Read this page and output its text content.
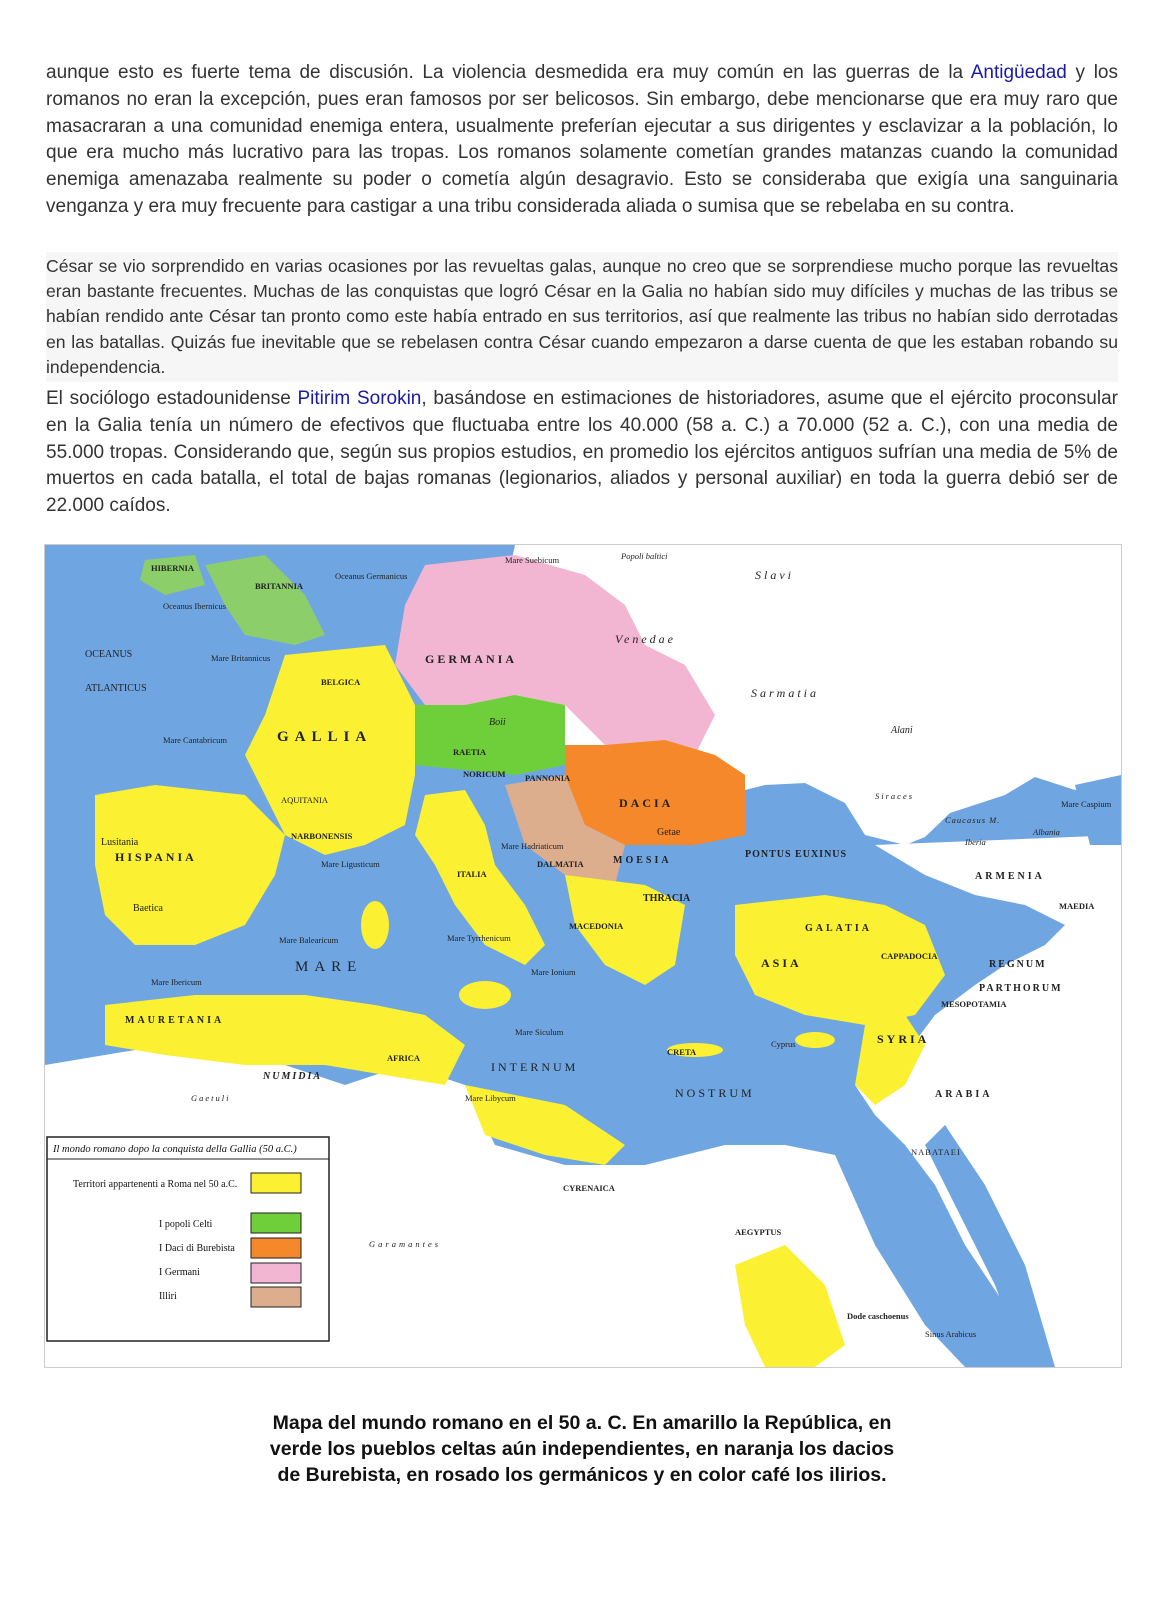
aunque esto es fuerte tema de discusión. La violencia desmedida era muy común en las guerras de la Antigüedad y los romanos no eran la excepción, pues eran famosos por ser belicosos. Sin embargo, debe mencionarse que era muy raro que masacraran a una comunidad enemiga entera, usualmente preferían ejecutar a sus dirigentes y esclavizar a la población, lo que era mucho más lucrativo para las tropas. Los romanos solamente cometían grandes matanzas cuando la comunidad enemiga amenazaba realmente su poder o cometía algún desagravio. Esto se consideraba que exigía una sanguinaria venganza y era muy frecuente para castigar a una tribu considerada aliada o sumisa que se rebelaba en su contra.

César se vio sorprendido en varias ocasiones por las revueltas galas, aunque no creo que se sorprendiese mucho porque las revueltas eran bastante frecuentes. Muchas de las conquistas que logró César en la Galia no habían sido muy difíciles y muchas de las tribus se habían rendido ante César tan pronto como este había entrado en sus territorios, así que realmente las tribus no habían sido derrotadas en las batallas. Quizás fue inevitable que se rebelasen contra César cuando empezaron a darse cuenta de que les estaban robando su independencia.

El sociólogo estadounidense Pitirim Sorokin, basándose en estimaciones de historiadores, asume que el ejército proconsular en la Galia tenía un número de efectivos que fluctuaba entre los 40.000 (58 a. C.) a 70.000 (52 a. C.), con una media de 55.000 tropas. Considerando que, según sus propios estudios, en promedio los ejércitos antiguos sufrían una media de 5% de muertos en cada batalla, el total de bajas romanas (legionarios, aliados y personal auxiliar) en toda la guerra debió ser de 22.000 caídos.

OCEANUS
ATLANTICUS
HIBERNIA
BRITANNIA
Oceanus Germanicus
Oceanus Ibernicus
Mare Suebicum	Popoli baltici
Slavi
Venedae
Sarmatia
Alani
GERMANIA
GALLIA
BELGICA
AQUITANIA
NARBONENSIS
HISPANIA
Lusitania
Baetica
RAETIA
NORICUM PANNONIA
Boii
DACIA
Getae
DALMATIA	MOESIA
THRACIA
MACEDONIA
ITALIA
PONTUS EUXINUS
ARMENIA
REGNUM
PARTHORUM
GALATIA
ASIA	CAPPADOCIA
MESOPOTAMIA
SYRIA
ARABIA
NABATAEI
MARE
INTERNUM
NOSTRUM
Mare Ionium
Mare Tyrrhenicum
Mare Balearicum
Mare Ibericum
Mare Ligusticum
Mare Hadriaticum
Mare Libycum
Mare Siculum
Mare Cantabricum
Mare Britannicus
Mare Caspium
MAURETANIA
NUMIDIA
AFRICA
Gaetuli
Garamantes
CYRENAICA
AEGYPTUS
CRETA
Cyprus
Siraces
Caucasus M.
Iberia
Albania
MAEDIA
Sinus Arabicus
Dode caschoenus
Il mondo romano dopo la conquista della Gallia (50 a.C.)
Territori appartenenti a Roma nel 50 a.C.
I popoli Celti
I Daci di Burebista
I Germani
Illiri
Mapa del mundo romano en el 50 a. C. En amarillo la República, en
verde los pueblos celtas aún independientes, en naranja los dacios
de Burebista, en rosado los germánicos y en color café los ilirios.
